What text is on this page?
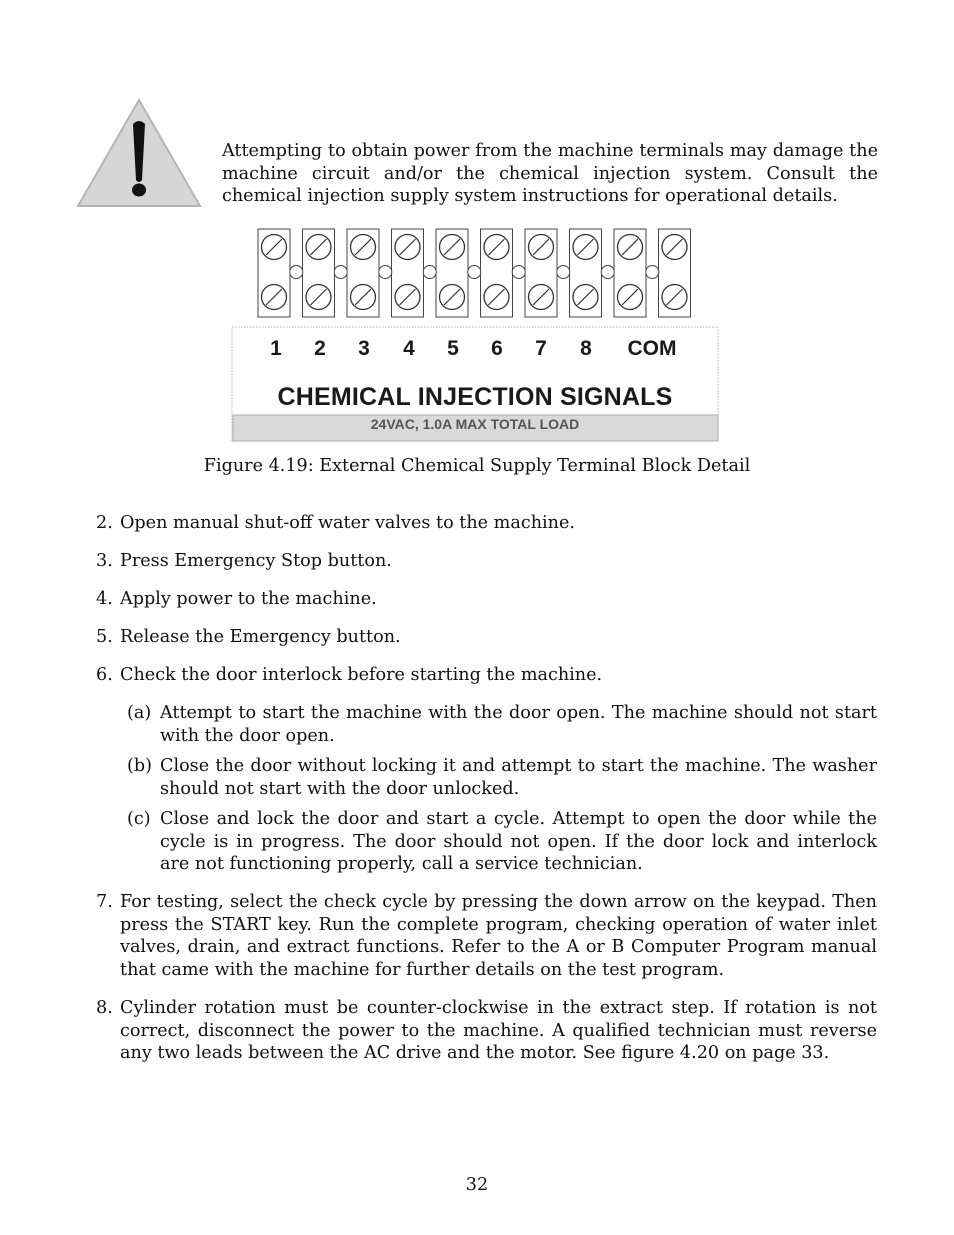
Attempting to obtain power from the machine terminals may damage the machine circuit and/or the chemical injection system. Consult the chemical injection supply system instructions for operational details.
1	2	3	4	5	6	7	8	COM
CHEMICAL INJECTION SIGNALS
24VAC, 1.0A MAX TOTAL LOAD
Figure 4.19: External Chemical Supply Terminal Block Detail
2. Open manual shut-off water valves to the machine.
3. Press Emergency Stop button.
4. Apply power to the machine.
5. Release the Emergency button.
6. Check the door interlock before starting the machine.
(a) Attempt to start the machine with the door open. The machine should not start with the door open.
(b) Close the door without locking it and attempt to start the machine. The washer should not start with the door unlocked.
(c) Close and lock the door and start a cycle. Attempt to open the door while the cycle is in progress. The door should not open. If the door lock and interlock are not functioning properly, call a service technician.
7. For testing, select the check cycle by pressing the down arrow on the keypad. Then press the START key. Run the complete program, checking operation of water inlet valves, drain, and extract functions. Refer to the A or B Computer Program manual that came with the machine for further details on the test program.
8. Cylinder rotation must be counter-clockwise in the extract step. If rotation is not correct, disconnect the power to the machine. A qualified technician must reverse any two leads between the AC drive and the motor. See figure 4.20 on page 33.
32
